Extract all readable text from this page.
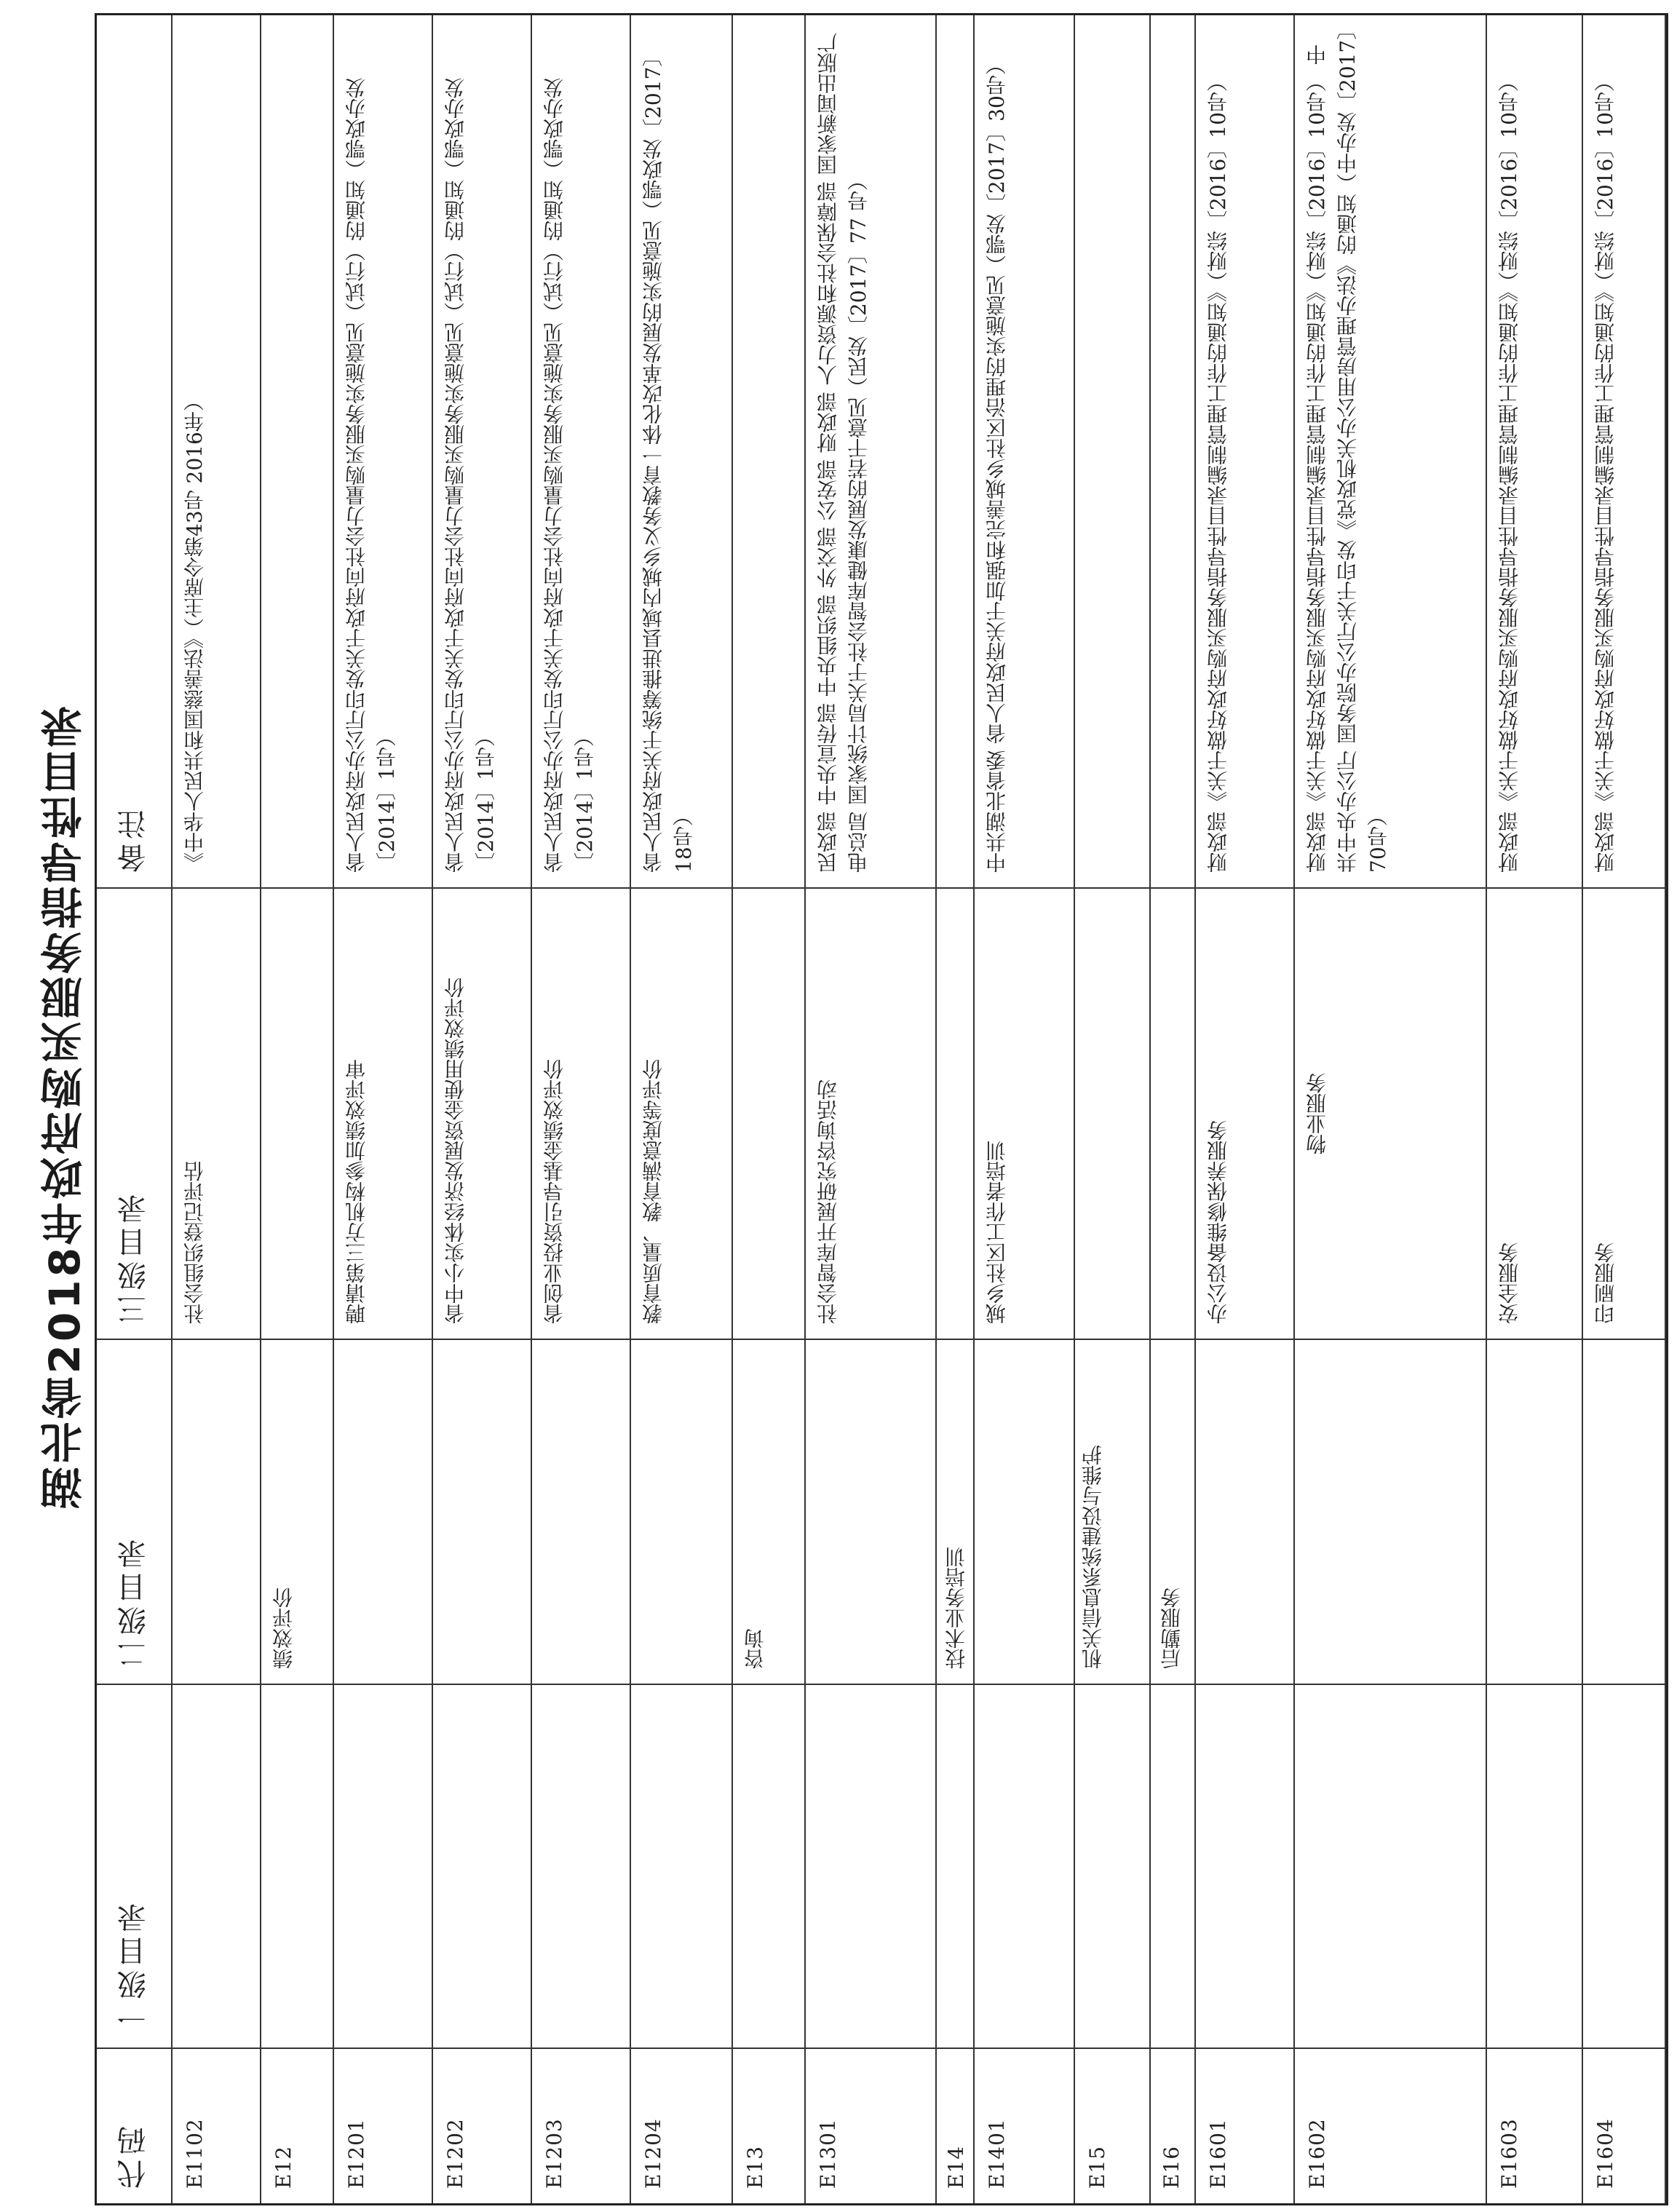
湖北省2018年政府购买服务指导性目录
代码
一级目录
二级目录
三级目录
备注
E1102
社会组织登记评估
《中华人民共和国慈善法》（主席令第43号 2016年）
E12
绩效评价
E1201
聘请第三方机构参加绩效评审
省人民政府办公厅印发关于政府向社会力量购买服务实施意见（试行）的通知（鄂政办发〔2014〕1号）
E1202
省中小实体经济发展资金使用绩效评价
省人民政府办公厅印发关于政府向社会力量购买服务实施意见（试行）的通知（鄂政办发〔2014〕1号）
E1203
省创业投资引导基金绩效评价
省人民政府办公厅印发关于政府向社会力量购买服务实施意见（试行）的通知（鄂政办发〔2014〕1号）
E1204
教育质量、教育满意度等评价
省人民政府关于统筹推进县域内城乡义务教育一体化改革发展的实施意见（鄂政发〔2017〕18号）
E13
咨询
E1301
社会智库开展研究咨询活动
民政部 中央宣传部 中央组织部 外交部 公安部 财政部 人力资源和社会保障部 国家新闻出版广电总局 国家统计局关于社会智库健康发展的若干意见（民发〔2017〕77 号）
E14
技术业务培训
E1401
城乡社区工作者培训
中共湖北省委 省人民政府关于加强和完善城乡社区治理的实施意见（鄂发〔2017〕30号）
E15
机关信息系统建设与维护
E16
后勤服务
E1601
办公设备维修保养服务
财政部《关于做好政府购买服务指导性目录编制管理工作的通知》（财综〔2016〕10号）
E1602
物业服务
财政部《关于做好政府购买服务指导性目录编制管理工作的通知》（财综〔2016〕10号） 中共中央办公厅 国务院办公厅关于印发《党政机关办公用房管理办法》的通知（中办发〔2017〕70号）
E1603
安全服务
财政部《关于做好政府购买服务指导性目录编制管理工作的通知》（财综〔2016〕10号）
E1604
印刷服务
财政部《关于做好政府购买服务指导性目录编制管理工作的通知》（财综〔2016〕10号）
